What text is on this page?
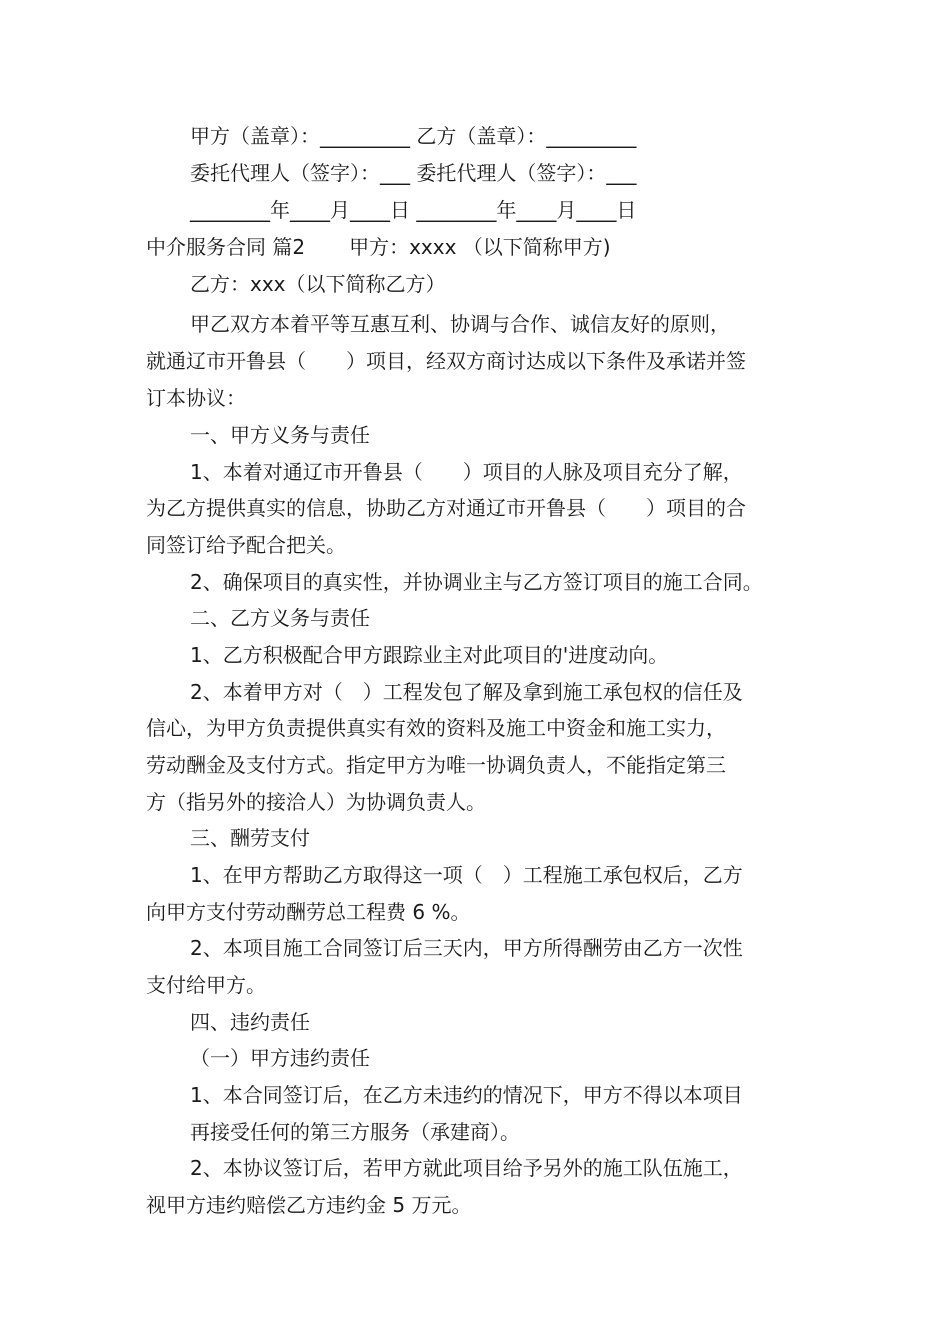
甲方（盖章）：_________ 乙方（盖章）：_________
委托代理人（签字）：___ 委托代理人（签字）：___
________年____月____日 ________年____月____日
中介服务合同 篇2 甲方：xxxx （以下简称甲方)
乙方：xxx（以下简称乙方）
甲乙双方本着平等互惠互利、协调与合作、诚信友好的原则，
就通辽市开鲁县（　　）项目，经双方商讨达成以下条件及承诺并签
订本协议：
一、甲方义务与责任
1、本着对通辽市开鲁县（　　）项目的人脉及项目充分了解，
为乙方提供真实的信息，协助乙方对通辽市开鲁县（　　）项目的合
同签订给予配合把关。
2、确保项目的真实性，并协调业主与乙方签订项目的施工合同。
二、乙方义务与责任
1、乙方积极配合甲方跟踪业主对此项目的'进度动向。
2、本着甲方对（　）工程发包了解及拿到施工承包权的信任及
信心，为甲方负责提供真实有效的资料及施工中资金和施工实力，
劳动酬金及支付方式。指定甲方为唯一协调负责人，不能指定第三
方（指另外的接洽人）为协调负责人。
三、酬劳支付
1、在甲方帮助乙方取得这一项（　）工程施工承包权后，乙方
向甲方支付劳动酬劳总工程费 6 %。
2、本项目施工合同签订后三天内，甲方所得酬劳由乙方一次性
支付给甲方。
四、违约责任
（一）甲方违约责任
1、本合同签订后，在乙方未违约的情况下，甲方不得以本项目
再接受任何的第三方服务（承建商）。
2、本协议签订后，若甲方就此项目给予另外的施工队伍施工，
视甲方违约赔偿乙方违约金 5 万元。
